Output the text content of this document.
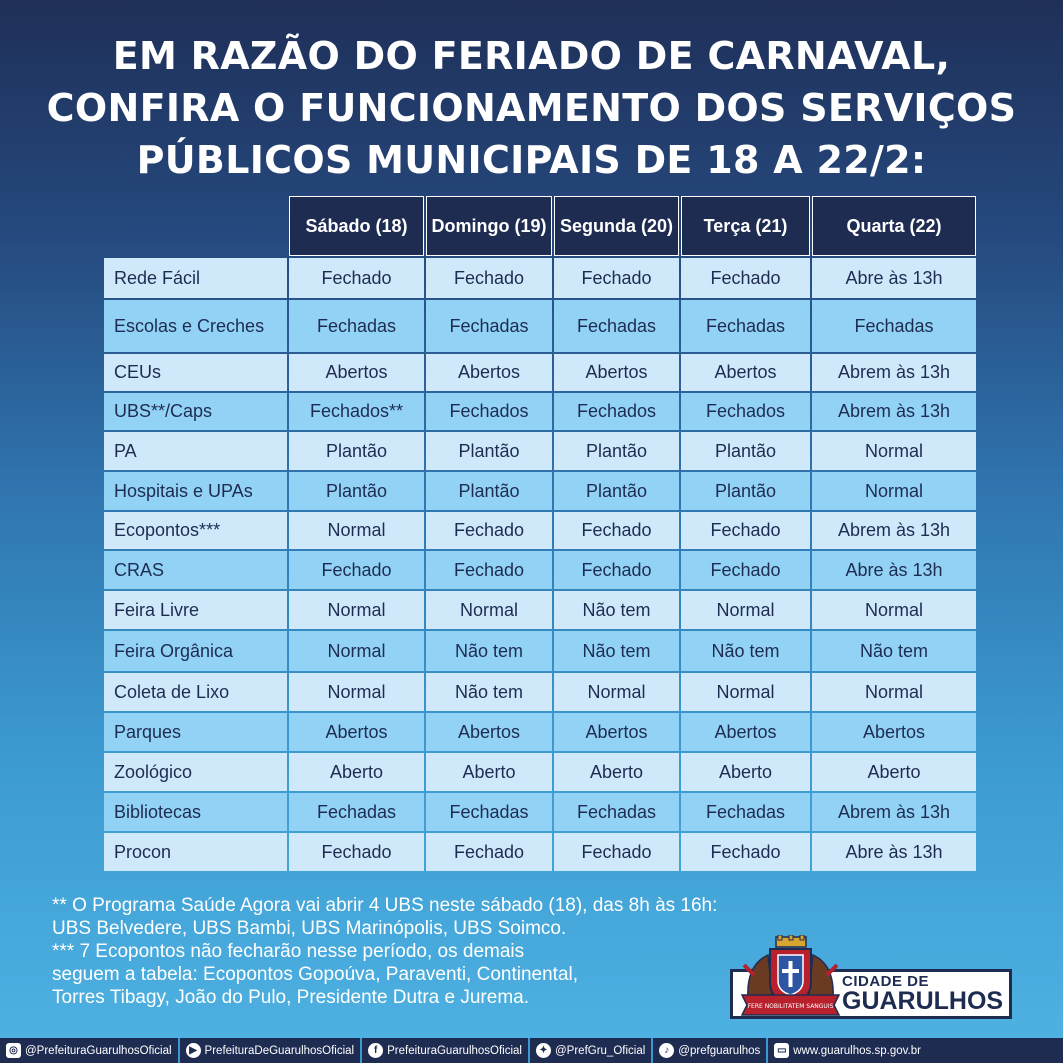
EM RAZÃO DO FERIADO DE CARNAVAL,
CONFIRA O FUNCIONAMENTO DOS SERVIÇOS
PÚBLICOS MUNICIPAIS DE 18 A 22/2:
	Sábado (18)	Domingo (19)	Segunda (20)	Terça (21)	Quarta (22)
Rede Fácil	Fechado	Fechado	Fechado	Fechado	Abre às 13h
Escolas e Creches	Fechadas	Fechadas	Fechadas	Fechadas	Fechadas
CEUs	Abertos	Abertos	Abertos	Abertos	Abrem às 13h
UBS**/Caps	Fechados**	Fechados	Fechados	Fechados	Abrem às 13h
PA	Plantão	Plantão	Plantão	Plantão	Normal
Hospitais e UPAs	Plantão	Plantão	Plantão	Plantão	Normal
Ecopontos***	Normal	Fechado	Fechado	Fechado	Abrem às 13h
CRAS	Fechado	Fechado	Fechado	Fechado	Abre às 13h
Feira Livre	Normal	Normal	Não tem	Normal	Normal
Feira Orgânica	Normal	Não tem	Não tem	Não tem	Não tem
Coleta de Lixo	Normal	Não tem	Normal	Normal	Normal
Parques	Abertos	Abertos	Abertos	Abertos	Abertos
Zoológico	Aberto	Aberto	Aberto	Aberto	Aberto
Bibliotecas	Fechadas	Fechadas	Fechadas	Fechadas	Abrem às 13h
Procon	Fechado	Fechado	Fechado	Fechado	Abre às 13h

** O Programa Saúde Agora vai abrir 4 UBS neste sábado (18), das 8h às 16h:

UBS Belvedere, UBS Bambi, UBS Marinópolis, UBS Soimco.

*** 7 Ecopontos não fecharão nesse período, os demais

seguem a tabela: Ecopontos Gopoúva, Paraventi, Continental,

Torres Tibagy, João do Pulo, Presidente Dutra e Jurema.	FERE NOBILITATEM SANGUIS
CIDADE DE
GUARULHOS
◎ @PrefeituraGuarulhosOficial	▶ PrefeituraDeGuarulhosOficial	f PrefeituraGuarulhosOficial	✦ @PrefGru_Oficial	♪ @prefguarulhos ▭ www.guarulhos.sp.gov.br
